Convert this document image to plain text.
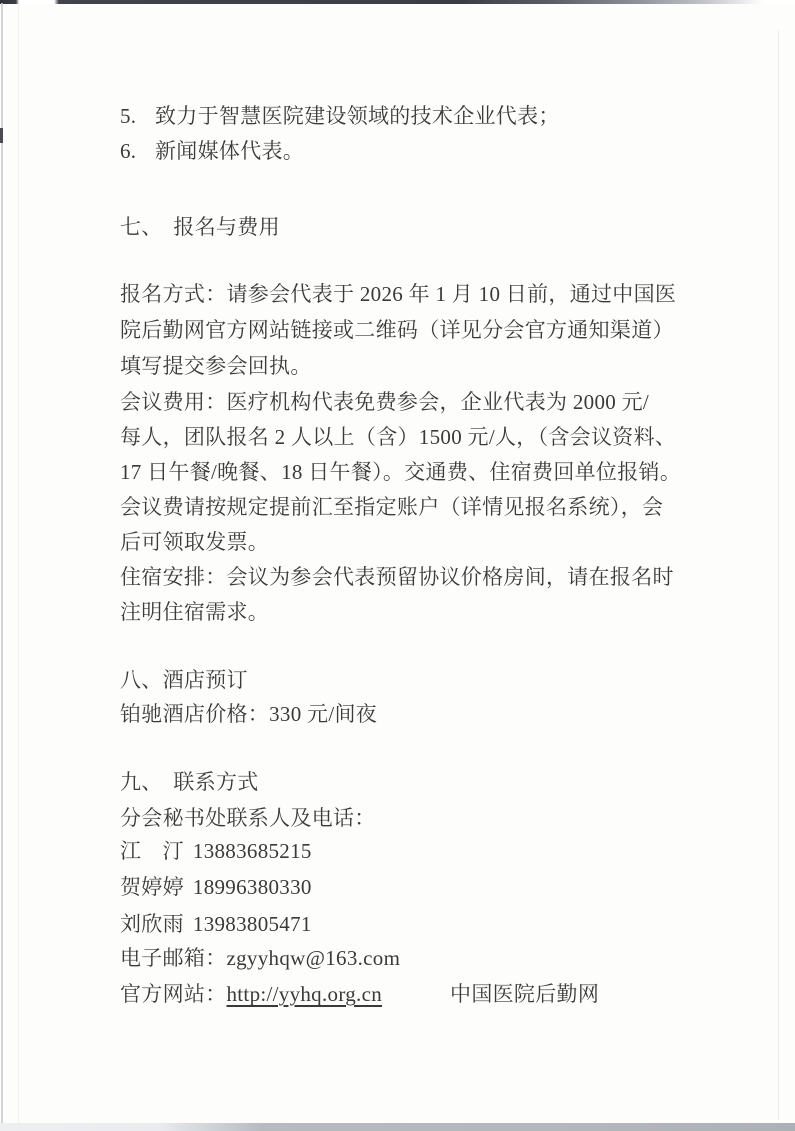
5. 致力于智慧医院建设领域的技术企业代表；
6. 新闻媒体代表。
七、　报名与费用
报名方式：请参会代表于 2026 年 1 月 10 日前，通过中国医
院后勤网官方网站链接或二维码（详见分会官方通知渠道）
填写提交参会回执。
会议费用：医疗机构代表免费参会，企业代表为 2000 元/
每人，团队报名 2 人以上（含）1500 元/人，（含会议资料、
17 日午餐/晚餐、18 日午餐）。交通费、住宿费回单位报销。
会议费请按规定提前汇至指定账户（详情见报名系统），会
后可领取发票。
住宿安排：会议为参会代表预留协议价格房间，请在报名时
注明住宿需求。
八、酒店预订
铂驰酒店价格：330 元/间夜
九、　联系方式
分会秘书处联系人及电话：
江　汀 13883685215
贺婷婷 18996380330
刘欣雨 13983805471
电子邮箱：zgyyhqw@163.com
官方网站：http://yyhq.org.cn	中国医院后勤网
